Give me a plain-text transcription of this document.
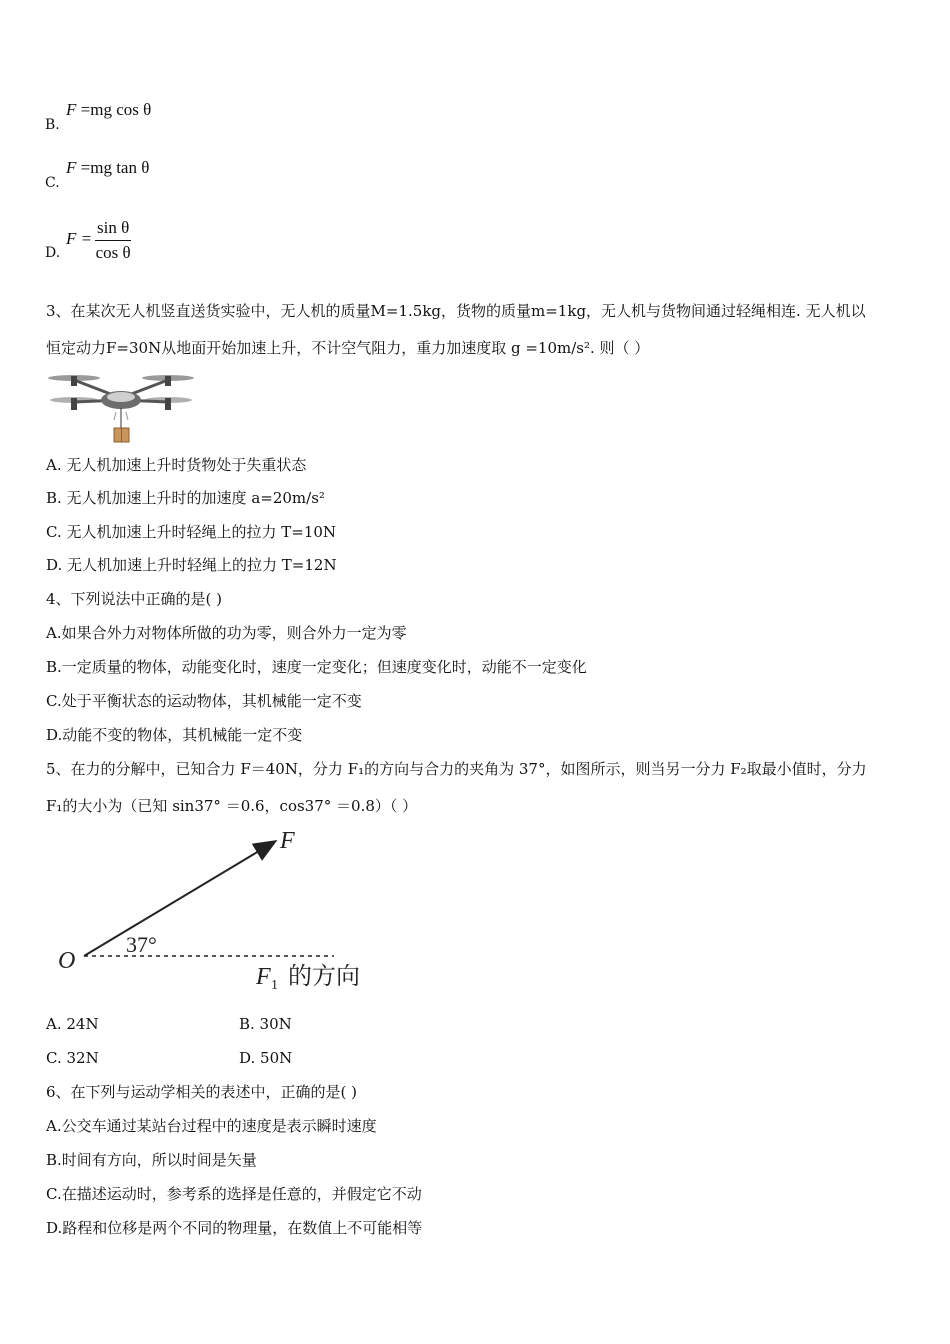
B.
F =mg cos θ
C.
F =mg tan θ
D.
$F = \frac{\text{sin θ}}{\text{cos θ}}$
3、在某次无人机竖直送货实验中，无人机的质量M=1.5kg，货物的质量m=1kg，无人机与货物间通过轻绳相连. 无人机以
恒定动力F=30N从地面开始加速上升，不计空气阻力，重力加速度取 g =10m/s². 则（ ）
A. 无人机加速上升时货物处于失重状态
B. 无人机加速上升时的加速度 a=20m/s²
C. 无人机加速上升时轻绳上的拉力 T=10N
D. 无人机加速上升时轻绳上的拉力 T=12N
4、下列说法中正确的是( )
A.如果合外力对物体所做的功为零，则合外力一定为零
B.一定质量的物体，动能变化时，速度一定变化；但速度变化时，动能不一定变化
C.处于平衡状态的运动物体，其机械能一定不变
D.动能不变的物体，其机械能一定不变
5、在力的分解中，已知合力 F＝40N，分力 F₁的方向与合力的夹角为 37°，如图所示，则当另一分力 F₂取最小值时，分力
F₁的大小为（已知 sin37° ＝0.6，cos37° ＝0.8）（ ）
F
O
37°
F 1 的方向
A. 24N	B. 30N
C. 32N	D. 50N
6、在下列与运动学相关的表述中，正确的是( )
A.公交车通过某站台过程中的速度是表示瞬时速度
B.时间有方向，所以时间是矢量
C.在描述运动时，参考系的选择是任意的，并假定它不动
D.路程和位移是两个不同的物理量，在数值上不可能相等
